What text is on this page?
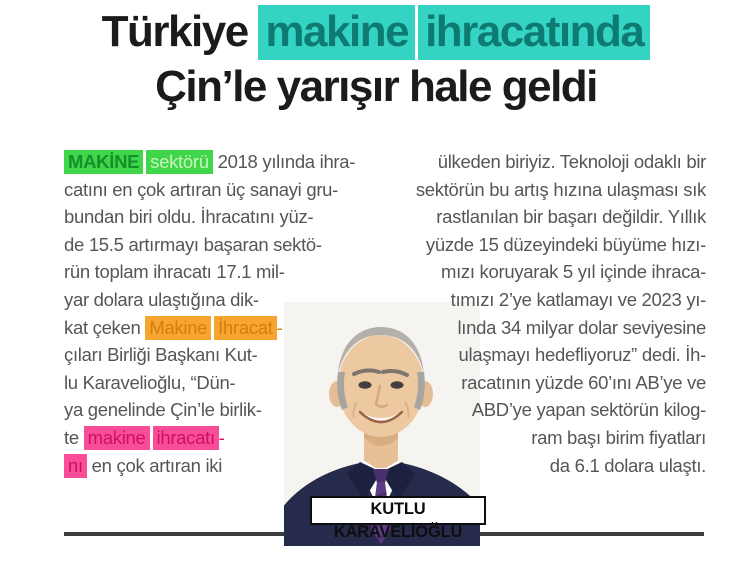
Türkiye makine ihracatında
Çin’le yarışır hale geldi
MAKİNE sektörü 2018 yılında ihra-
catını en çok artıran üç sanayi gru-
bundan biri oldu. İhracatını yüz-
de 15.5 artırmayı başaran sektö-
rün toplam ihracatı 17.1 mil-
yar dolara ulaştığına dik-
kat çeken Makine İhracat -
çıları Birliği Başkanı Kut-
lu Karavelioğlu, “Dün-
ya genelinde Çin’le birlik-
te makine ihracatı -
nı en çok artıran iki
ülkeden biriyiz. Teknoloji odaklı bir
sektörün bu artış hızına ulaşması sık
rastlanılan bir başarı değildir. Yıllık
yüzde 15 düzeyindeki büyüme hızı-
mızı koruyarak 5 yıl içinde ihraca-
tımızı 2’ye katlamayı ve 2023 yı-
lında 34 milyar dolar seviyesine
ulaşmayı hedefliyoruz” dedi. İh-
racatının yüzde 60’ını AB’ye ve
ABD’ye yapan sektörün kilog-
ram başı birim fiyatları
da 6.1 dolara ulaştı.
KUTLU KARAVELİOĞLU
